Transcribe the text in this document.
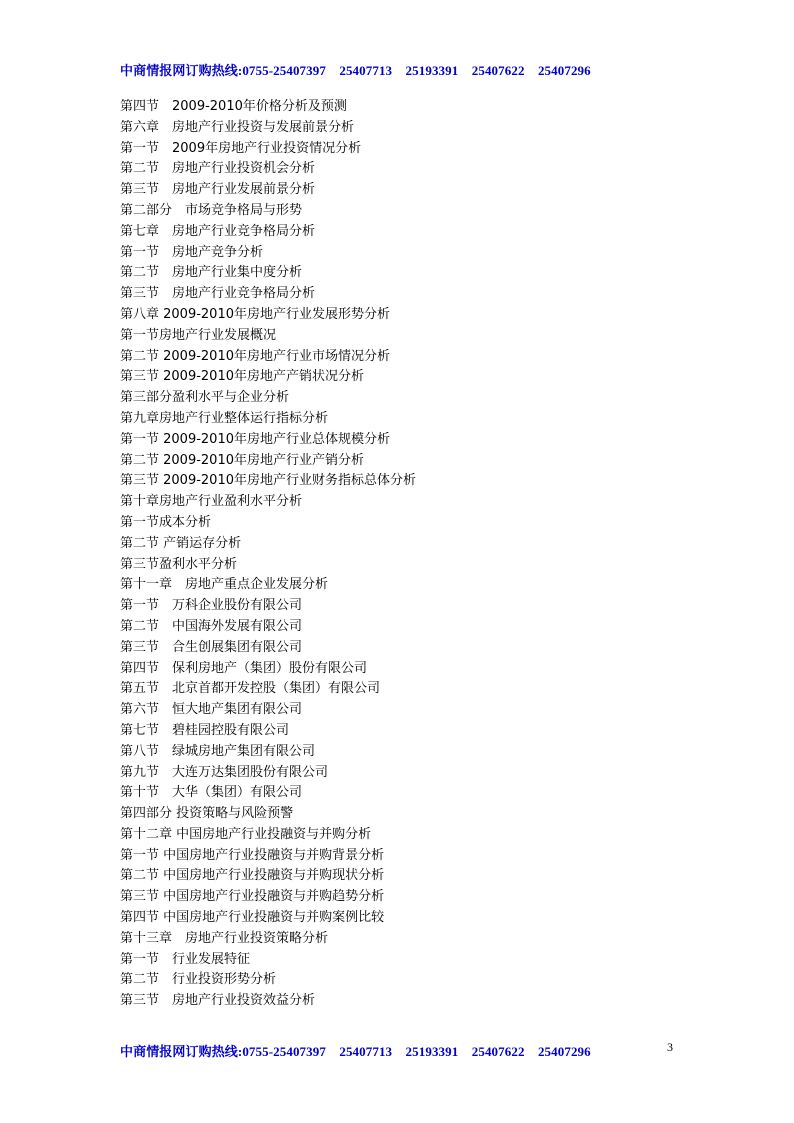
中商情报网订购热线:0755-25407397    25407713    25193391    25407622    25407296
第四节　2009-2010年价格分析及预测
第六章　房地产行业投资与发展前景分析
第一节　2009年房地产行业投资情况分析
第二节　房地产行业投资机会分析
第三节　房地产行业发展前景分析
第二部分　市场竞争格局与形势
第七章　房地产行业竞争格局分析
第一节　房地产竞争分析
第二节　房地产行业集中度分析
第三节　房地产行业竞争格局分析
第八章 2009-2010年房地产行业发展形势分析
第一节房地产行业发展概况
第二节 2009-2010年房地产行业市场情况分析
第三节 2009-2010年房地产产销状况分析
第三部分盈利水平与企业分析
第九章房地产行业整体运行指标分析
第一节 2009-2010年房地产行业总体规模分析
第二节 2009-2010年房地产行业产销分析
第三节 2009-2010年房地产行业财务指标总体分析
第十章房地产行业盈利水平分析
第一节成本分析
第二节 产销运存分析
第三节盈利水平分析
第十一章　房地产重点企业发展分析
第一节　万科企业股份有限公司
第二节　中国海外发展有限公司
第三节　合生创展集团有限公司
第四节　保利房地产（集团）股份有限公司
第五节　北京首都开发控股（集团）有限公司
第六节　恒大地产集团有限公司
第七节　碧桂园控股有限公司
第八节　绿城房地产集团有限公司
第九节　大连万达集团股份有限公司
第十节　大华（集团）有限公司
第四部分 投资策略与风险预警
第十二章 中国房地产行业投融资与并购分析
第一节 中国房地产行业投融资与并购背景分析
第二节 中国房地产行业投融资与并购现状分析
第三节 中国房地产行业投融资与并购趋势分析
第四节 中国房地产行业投融资与并购案例比较
第十三章　房地产行业投资策略分析
第一节　行业发展特征
第二节　行业投资形势分析
第三节　房地产行业投资效益分析
中商情报网订购热线:0755-25407397    25407713    25193391    25407622    25407296	3
